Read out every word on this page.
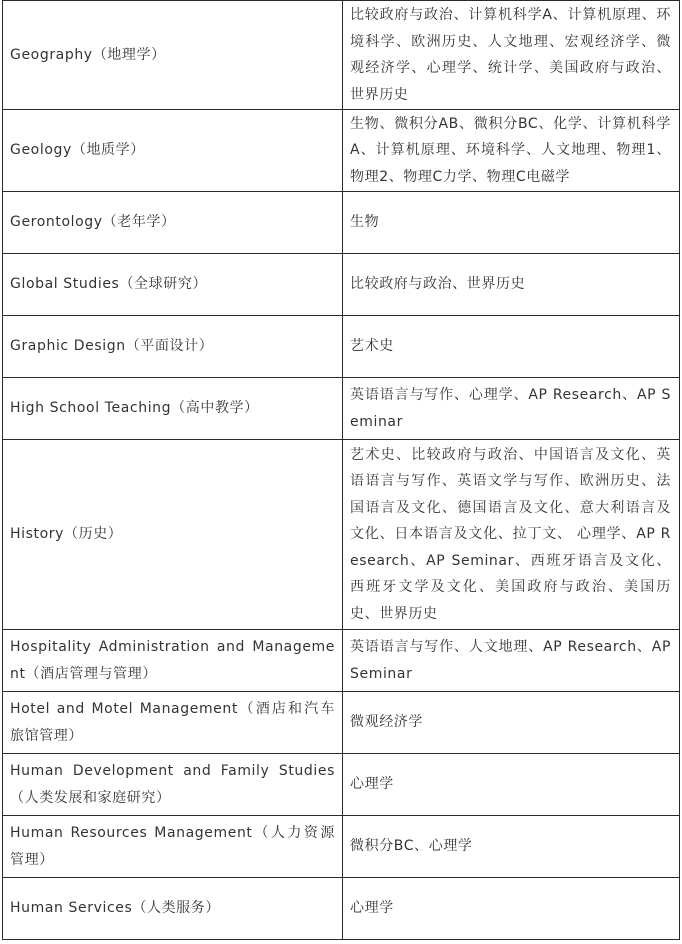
Geography（地理学）	比较政府与政治、计算机科学A、计算机原理、环境科学、欧洲历史、人文地理、宏观经济学、微观经济学、心理学、统计学、美国政府与政治、世界历史
Geology（地质学）	生物、微积分AB、微积分BC、化学、计算机科学A、计算机原理、环境科学、人文地理、物理1、物理2、物理C力学、物理C电磁学
Gerontology（老年学）	生物
Global Studies（全球研究）	比较政府与政治、世界历史
Graphic Design（平面设计）	艺术史
High School Teaching（高中教学）	英语语言与写作、心理学、AP Research、AP Seminar
History（历史）	艺术史、比较政府与政治、中国语言及文化、英语语言与写作、英语文学与写作、欧洲历史、法国语言及文化、德国语言及文化、意大利语言及文化、日本语言及文化、拉丁文、 心理学、AP Research、AP Seminar、西班牙语言及文化、西班牙文学及文化、美国政府与政治、美国历史、世界历史
Hospitality Administration and Management（酒店管理与管理）	英语语言与写作、人文地理、AP Research、AP Seminar
Hotel and Motel Management（酒店和汽车旅馆管理）	微观经济学
Human Development and Family Studies（人类发展和家庭研究）	心理学
Human Resources Management（人力资源管理）	微积分BC、心理学
Human Services（人类服务）	心理学
